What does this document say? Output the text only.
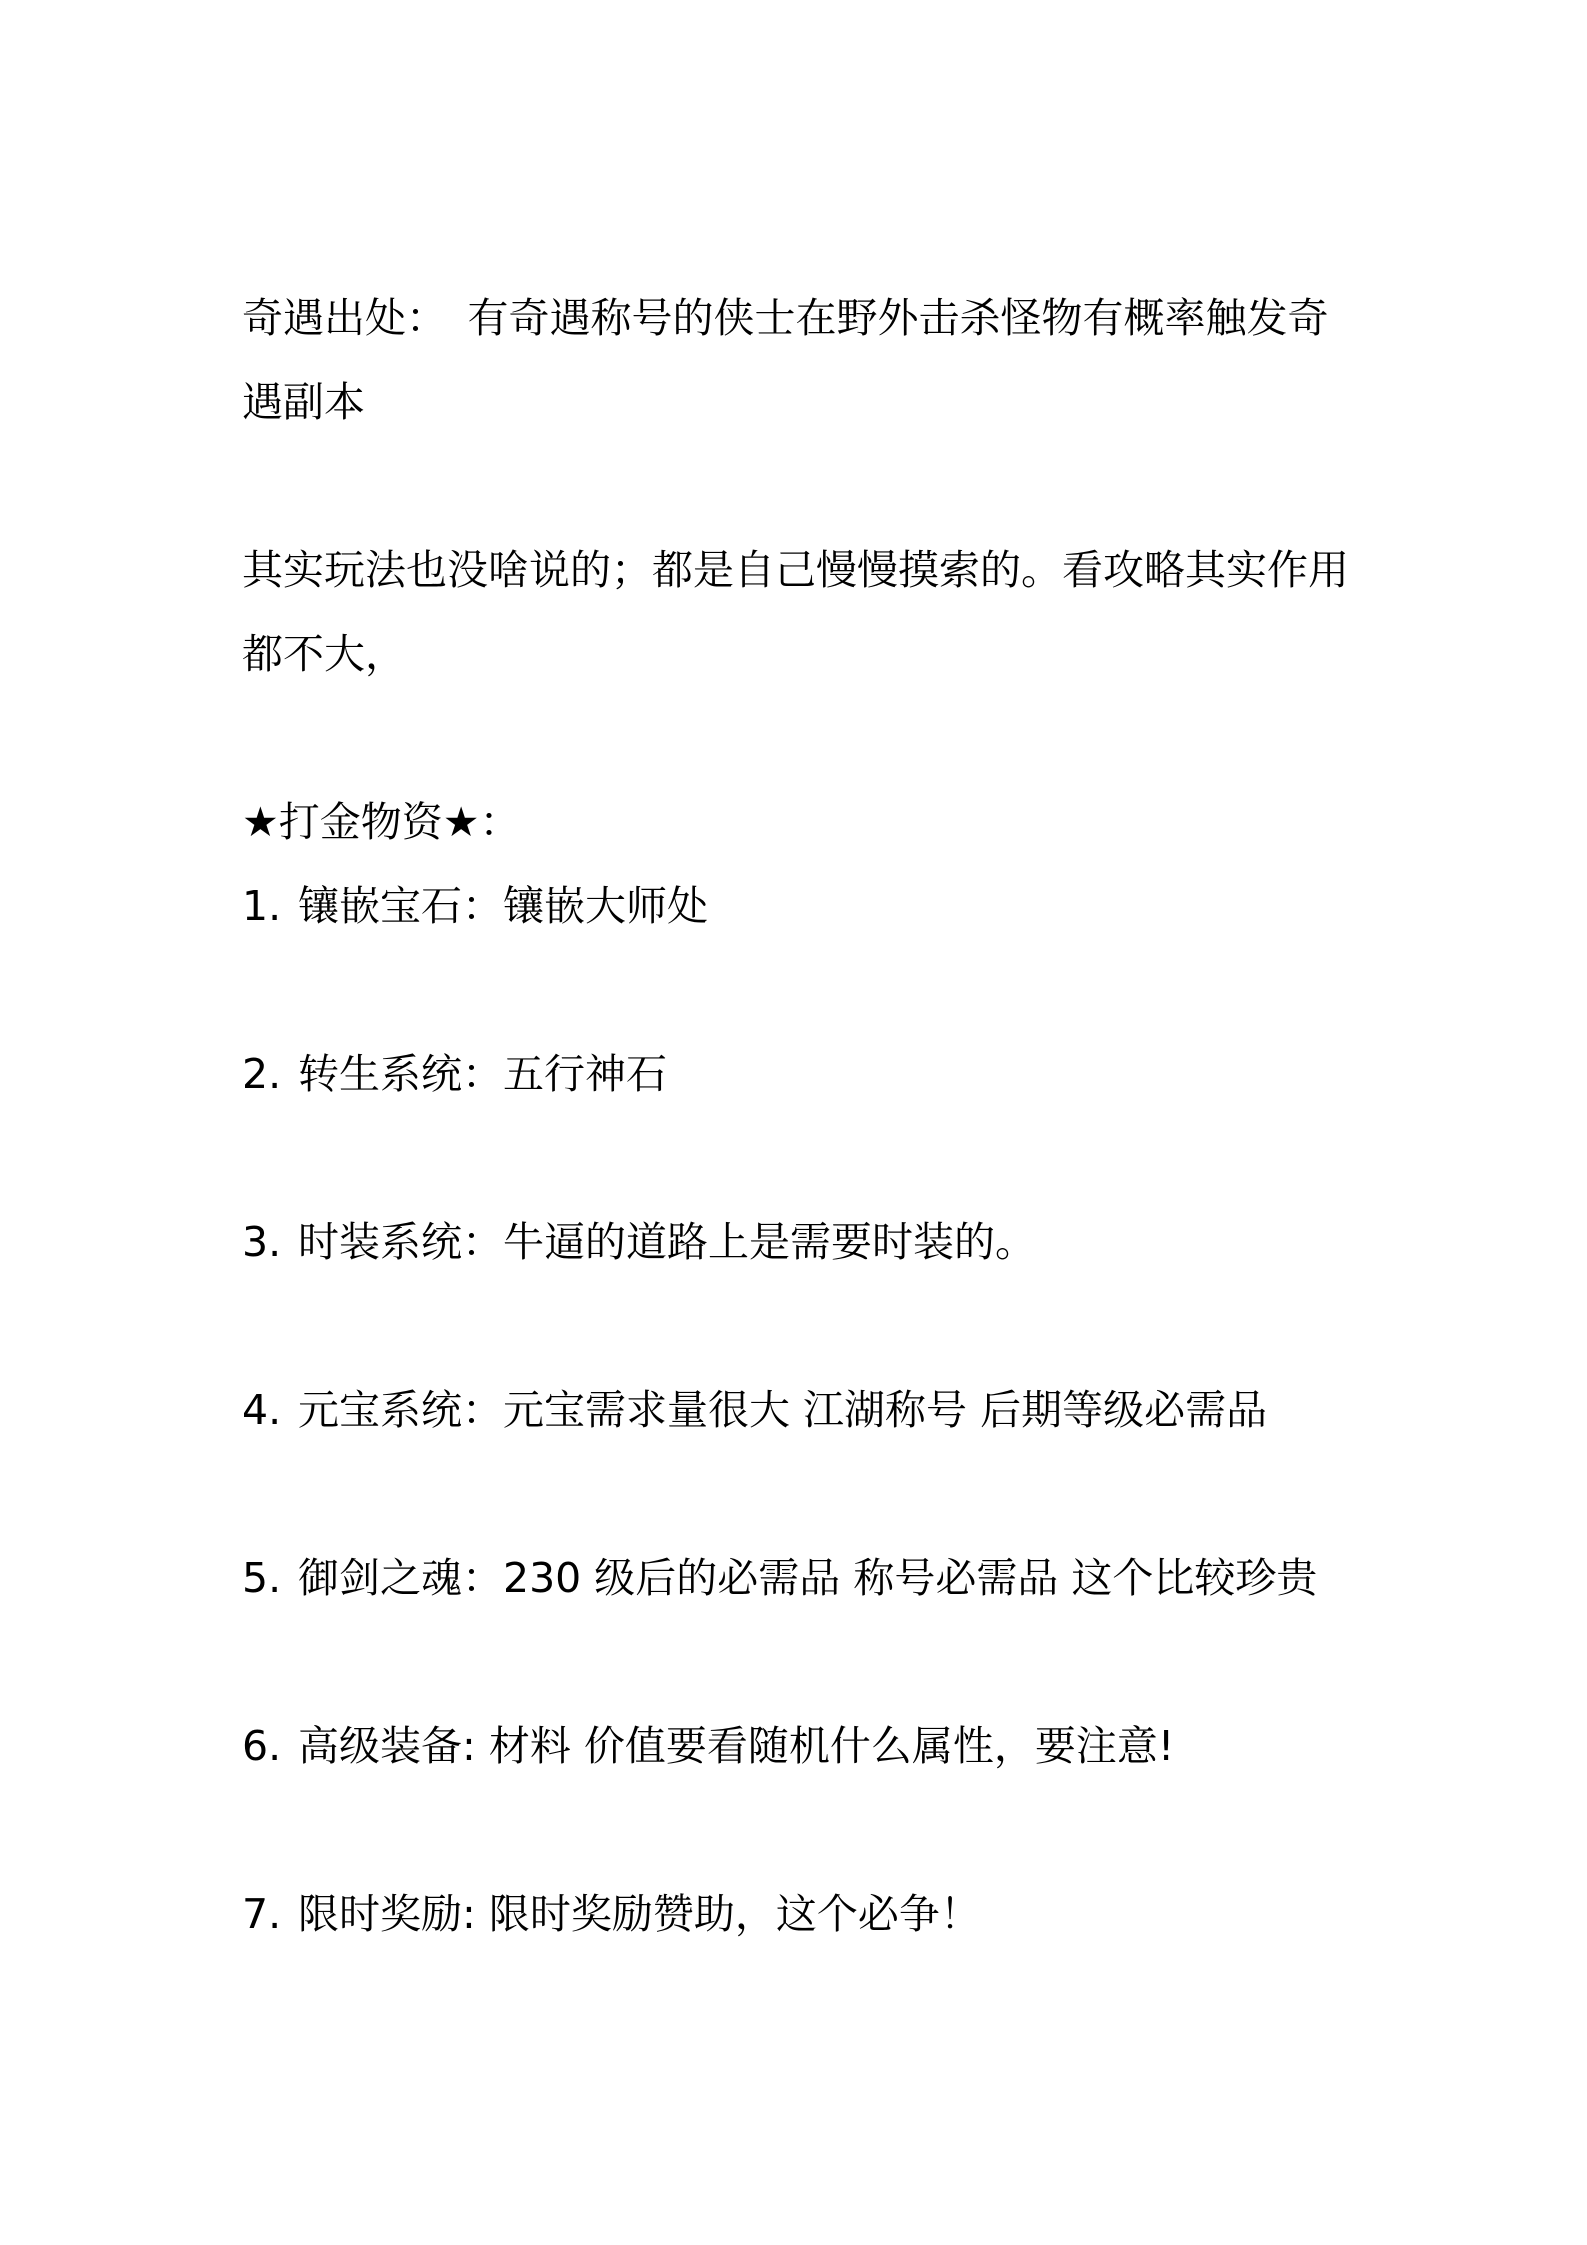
奇遇出处：　有奇遇称号的侠士在野外击杀怪物有概率触发奇遇副本
其实玩法也没啥说的；都是自己慢慢摸索的。看攻略其实作用都不大，
★打金物资★：
1. 镶嵌宝石：镶嵌大师处
2. 转生系统：五行神石
3. 时装系统：牛逼的道路上是需要时装的。
4. 元宝系统：元宝需求量很大 江湖称号 后期等级必需品
5. 御剑之魂：230 级后的必需品 称号必需品 这个比较珍贵
6. 高级装备: 材料 价值要看随机什么属性，要注意!
7. 限时奖励: 限时奖励赞助，这个必争！
